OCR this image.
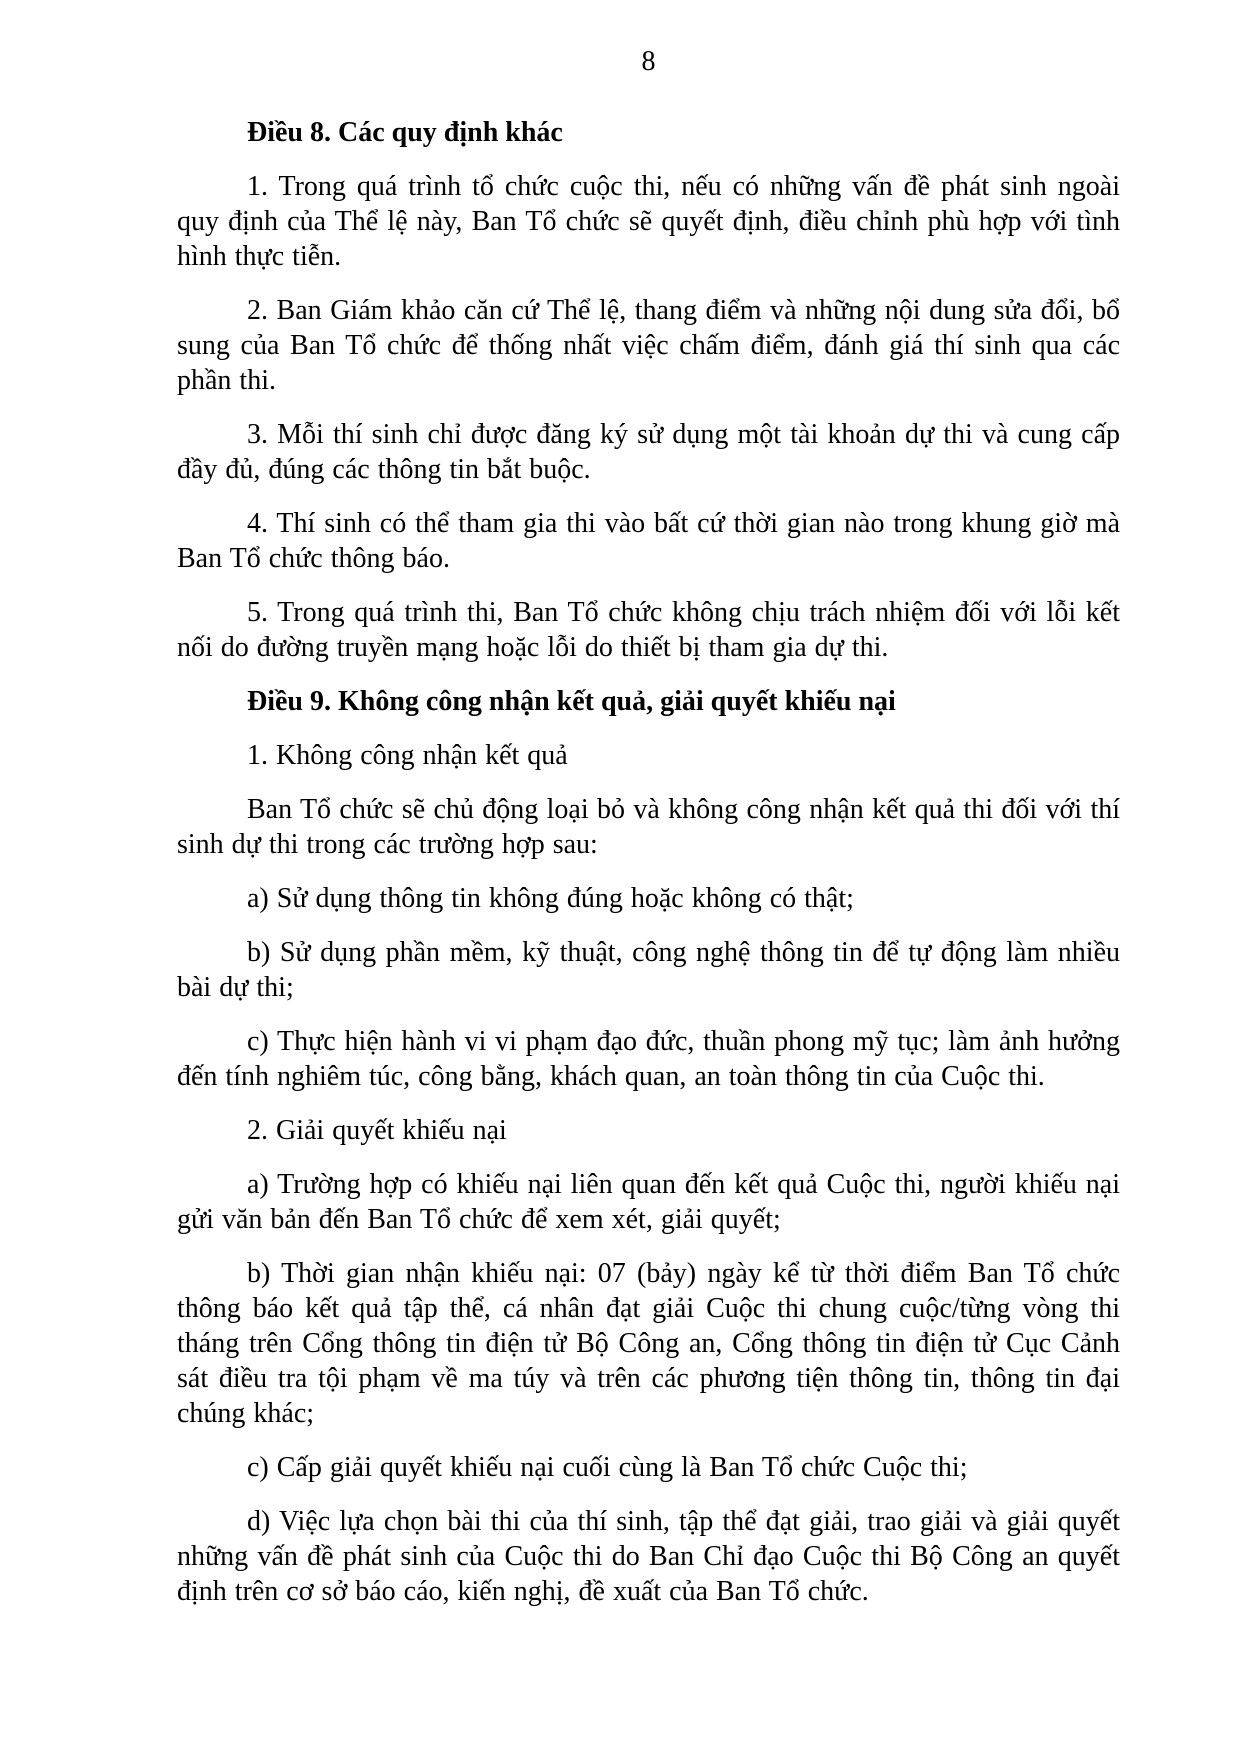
8
Điều 8. Các quy định khác

1. Trong quá trình tổ chức cuộc thi, nếu có những vấn đề phát sinh ngoài quy định của Thể lệ này, Ban Tổ chức sẽ quyết định, điều chỉnh phù hợp với tình hình thực tiễn.

2. Ban Giám khảo căn cứ Thể lệ, thang điểm và những nội dung sửa đổi, bổ sung của Ban Tổ chức để thống nhất việc chấm điểm, đánh giá thí sinh qua các phần thi.

3. Mỗi thí sinh chỉ được đăng ký sử dụng một tài khoản dự thi và cung cấp đầy đủ, đúng các thông tin bắt buộc.

4. Thí sinh có thể tham gia thi vào bất cứ thời gian nào trong khung giờ mà Ban Tổ chức thông báo.

5. Trong quá trình thi, Ban Tổ chức không chịu trách nhiệm đối với lỗi kết nối do đường truyền mạng hoặc lỗi do thiết bị tham gia dự thi.

Điều 9. Không công nhận kết quả, giải quyết khiếu nại

1. Không công nhận kết quả

Ban Tổ chức sẽ chủ động loại bỏ và không công nhận kết quả thi đối với thí sinh dự thi trong các trường hợp sau:

a) Sử dụng thông tin không đúng hoặc không có thật;

b) Sử dụng phần mềm, kỹ thuật, công nghệ thông tin để tự động làm nhiều bài dự thi;

c) Thực hiện hành vi vi phạm đạo đức, thuần phong mỹ tục; làm ảnh hưởng đến tính nghiêm túc, công bằng, khách quan, an toàn thông tin của Cuộc thi.

2. Giải quyết khiếu nại

a) Trường hợp có khiếu nại liên quan đến kết quả Cuộc thi, người khiếu nại gửi văn bản đến Ban Tổ chức để xem xét, giải quyết;

b) Thời gian nhận khiếu nại: 07 (bảy) ngày kể từ thời điểm Ban Tổ chức thông báo kết quả tập thể, cá nhân đạt giải Cuộc thi chung cuộc/từng vòng thi tháng trên Cổng thông tin điện tử Bộ Công an, Cổng thông tin điện tử Cục Cảnh sát điều tra tội phạm về ma túy và trên các phương tiện thông tin, thông tin đại chúng khác;

c) Cấp giải quyết khiếu nại cuối cùng là Ban Tổ chức Cuộc thi;

d) Việc lựa chọn bài thi của thí sinh, tập thể đạt giải, trao giải và giải quyết những vấn đề phát sinh của Cuộc thi do Ban Chỉ đạo Cuộc thi Bộ Công an quyết định trên cơ sở báo cáo, kiến nghị, đề xuất của Ban Tổ chức.
